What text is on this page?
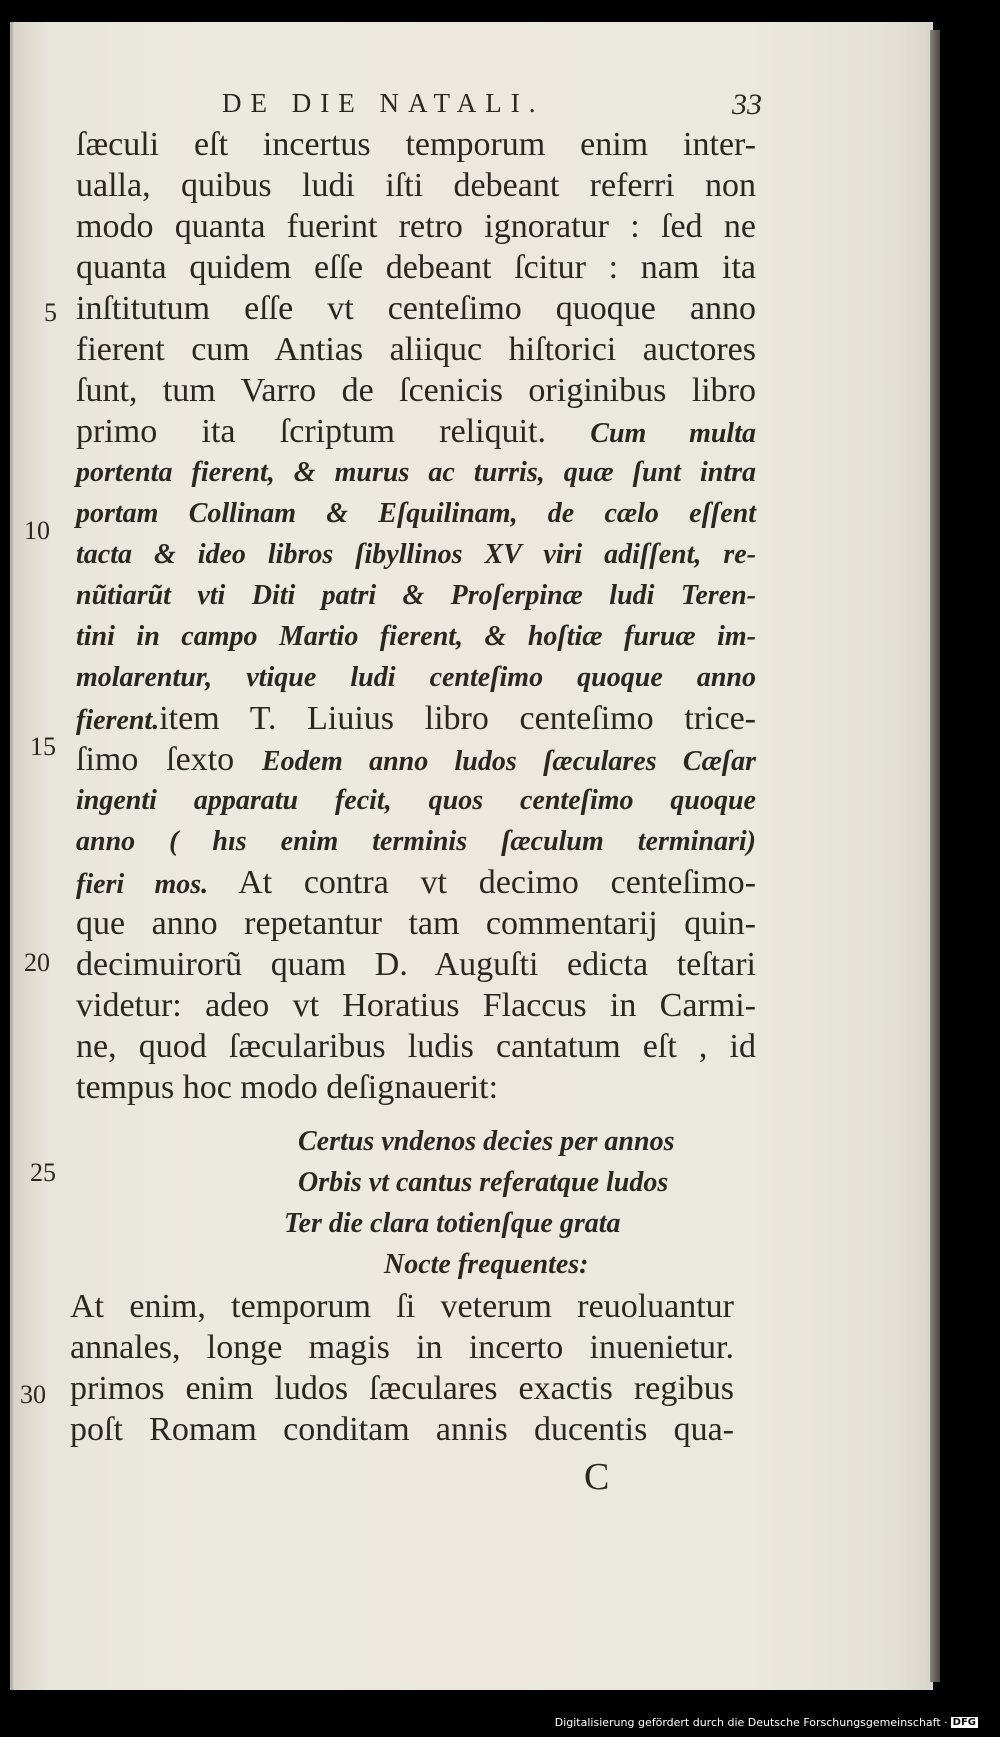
DE DIE NATALI.	33
ſæculi eſt incertus temporum enim inter-
ualla, quibus ludi iſti debeant referri non
modo quanta fuerint retro ignoratur : ſed ne
quanta quidem eſſe debeant ſcitur : nam ita
inſtitutum eſſe vt centeſimo quoque anno
fierent cum Antias aliiquc hiſtorici auctores
ſunt, tum Varro de ſcenicis originibus libro
primo ita ſcriptum reliquit. Cum multa
portenta fierent, & murus ac turris, quæ ſunt intra
portam Collinam & Eſquilinam, de cælo eſſent
tacta & ideo libros ſibyllinos XV viri adiſſent, re-
nũtiarũt vti Diti patri & Proſerpinæ ludi Teren-
tini in campo Martio fierent, & hoſtiæ furuæ im-
molarentur, vtique ludi centeſimo quoque anno
fierent.item T. Liuius libro centeſimo trice-
ſimo ſexto Eodem anno ludos ſæculares Cæſar
ingenti apparatu fecit, quos centeſimo quoque
anno ( hıs enim terminis ſæculum terminari)
fieri mos. At contra vt decimo centeſimo-
que anno repetantur tam commentarij quin-
decimuirorũ quam D. Auguſti edicta teſtari
videtur: adeo vt Horatius Flaccus in Carmi-
ne, quod ſæcularibus ludis cantatum eſt , id
tempus hoc modo deſignauerit:
Certus vndenos decies per annos
Orbis vt cantus referatque ludos
Ter die clara totienſque grata
Nocte frequentes:
At enim, temporum ſi veterum reuoluantur
annales, longe magis in incerto inuenietur.
primos enim ludos ſæculares exactis regibus
poſt Romam conditam annis ducentis qua-
C
5
10
15
20
25
30
Digitalisierung gefördert durch die Deutsche Forschungsgemeinschaft · DFG
